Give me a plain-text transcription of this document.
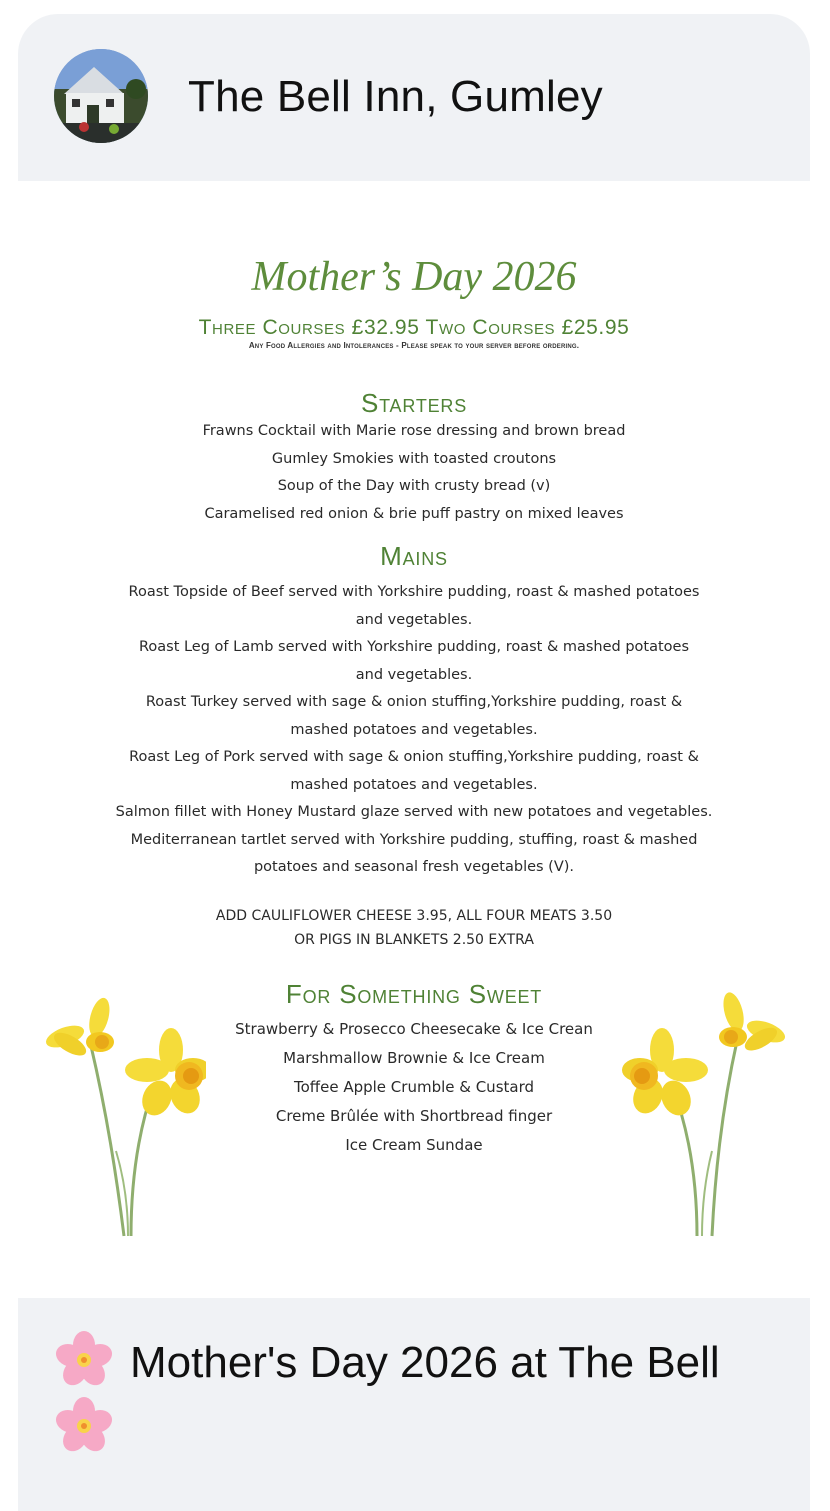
The Bell Inn, Gumley
Mother’s Day 2026
Three Courses £32.95 Two Courses £25.95
Any Food Allergies and Intolerances - Please speak to your server before ordering.
Starters
Frawns Cocktail with Marie rose dressing and brown bread
Gumley Smokies with toasted croutons
Soup of the Day with crusty bread (v)
Caramelised red onion & brie puff pastry on mixed leaves
Mains
Roast Topside of Beef served with Yorkshire pudding, roast & mashed potatoes
and vegetables.
Roast Leg of Lamb served with Yorkshire pudding, roast & mashed potatoes
and vegetables.
Roast Turkey served with sage & onion stuffing,Yorkshire pudding, roast &
mashed potatoes and vegetables.
Roast Leg of Pork served with sage & onion stuffing,Yorkshire pudding, roast &
mashed potatoes and vegetables.
Salmon fillet with Honey Mustard glaze served with new potatoes and vegetables.
Mediterranean tartlet served with Yorkshire pudding, stuffing, roast & mashed
potatoes and seasonal fresh vegetables (V).
ADD CAULIFLOWER CHEESE 3.95, ALL FOUR MEATS 3.50
OR PIGS IN BLANKETS 2.50 EXTRA
For Something Sweet
Strawberry & Prosecco Cheesecake & Ice Crean
Marshmallow Brownie & Ice Cream
Toffee Apple Crumble & Custard
Creme Brûlée with Shortbread finger
Ice Cream Sundae
Mother's Day 2026 at The Bell
